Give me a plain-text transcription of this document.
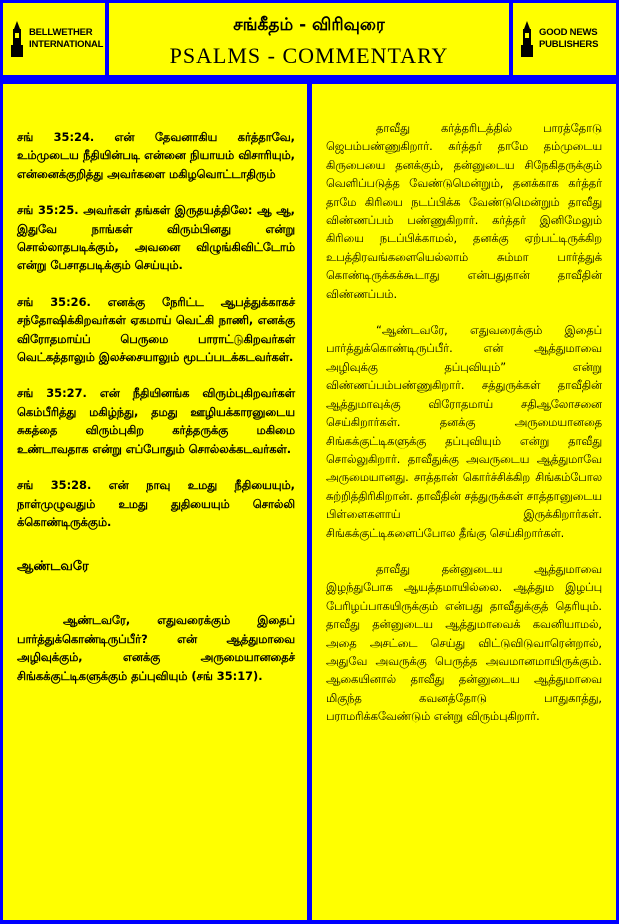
BELLWETHER
INTERNATIONAL
சங்கீதம் - விரிவுரை
PSALMS - COMMENTARY
GOOD NEWS
PUBLISHERS

சங் 35:24. என் தேவனாகிய கர்த்தாவே, உம்முடைய நீதியின்படி என்னை நியாயம் விசாரியும், என்னைக்குறித்து அவர்களை மகிழவொட்டாதிரும்

சங் 35:25. அவர்கள் தங்கள் இருதயத்திலே: ஆ ஆ, இதுவே நாங்கள் விரும்பினது என்று சொல்லாதபடிக்கும், அவனை விழுங்கிவிட்டோம் என்று பேசாதபடிக்கும் செய்யும்.

சங் 35:26. எனக்கு நேரிட்ட ஆபத்துக்காகச் சந்தோஷிக்கிறவர்கள் ஏகமாய் வெட்கி நாணி, எனக்கு விரோதமாய்ப் பெருமை பாராட்டுகிறவர்கள் வெட்கத்தாலும் இலச்சையாலும் மூடப்படக்கடவர்கள்.

சங் 35:27. என் நீதியினங்க விரும்புகிறவர்கள் கெம்பீரித்து மகிழ்ந்து, தமது ஊழியக்காரனுடைய சுகத்தை விரும்புகிற கர்த்தருக்கு மகிமை உண்டாவதாக என்று எப்போதும் சொல்லக்கடவர்கள்.

சங் 35:28. என் நாவு உமது நீதியையும், நாள்முழுவதும் உமது துதியையும் சொல்லி க்கொண்டிருக்கும்.

ஆண்டவரே

ஆண்டவரே, எதுவரைக்கும் இதைப் பார்த்துக்கொண்டிருப்பீர்? என் ஆத்துமாவை அழிவுக்கும், எனக்கு அருமையானதைச் சிங்கக்குட்டிகளுக்கும் தப்புவியும் (சங் 35:17).

தாவீது கர்த்தரிடத்தில் பாரத்தோடு ஜெபம்பண்ணுகிறார். கர்த்தர் தாமே தம்முடைய கிருபையை தனக்கும், தன்னுடைய சிநேகிதருக்கும் வெளிப்படுத்த வேண்டுமென்றும், தனக்காக கர்த்தர் தாமே கிரியை நடப்பிக்க வேண்டுமென்றும் தாவீது விண்ணப்பம் பண்ணுகிறார். கர்த்தர் இனிமேலும் கிரியை நடப்பிக்காமல், தனக்கு ஏற்பட்டிருக்கிற உபத்திரவங்களையெல்லாம் சும்மா பார்த்துக் கொண்டிருக்கக்கூடாது என்பதுதான் தாவீதின் விண்ணப்பம்.

“ஆண்டவரே, எதுவரைக்கும் இதைப் பார்த்துக்கொண்டிருப்பீர். என் ஆத்துமாவை அழிவுக்கு தப்புவியும்” என்று விண்ணப்பம்பண்ணுகிறார். சத்துருக்கள் தாவீதின் ஆத்துமாவுக்கு விரோதமாய் சதிஆலோசனை செய்கிறார்கள். தனக்கு அருமையானதை சிங்கக்குட்டிகளுக்கு தப்புவியும் என்று தாவீது சொல்லுகிறார். தாவீதுக்கு அவருடைய ஆத்துமாவே அருமையானது. சாத்தான் கொர்ச்சிக்கிற சிங்கம்போல சுற்றித்திரிகிறான். தாவீதின் சத்துருக்கள் சாத்தானுடைய பிள்ளைகளாய் இருக்கிறார்கள். சிங்கக்குட்டிகளைப்போல தீங்கு செய்கிறார்கள்.

தாவீது தன்னுடைய ஆத்துமாவை இழந்துபோக ஆயத்தமாயில்லை. ஆத்தும இழப்பு பேரிழப்பாகயிருக்கும் என்பது தாவீதுக்குத் தெரியும். தாவீது தன்னுடைய ஆத்துமாவைக் கவனியாமல், அதை அசட்டை செய்து விட்டுவிடுவாரென்றால், அதுவே அவருக்கு பெருத்த அவமானமாயிருக்கும். ஆகையினால் தாவீது தன்னுடைய ஆத்துமாவை மிகுந்த கவனத்தோடு பாதுகாத்து, பராமரிக்கவேண்டும் என்று விரும்புகிறார்.
